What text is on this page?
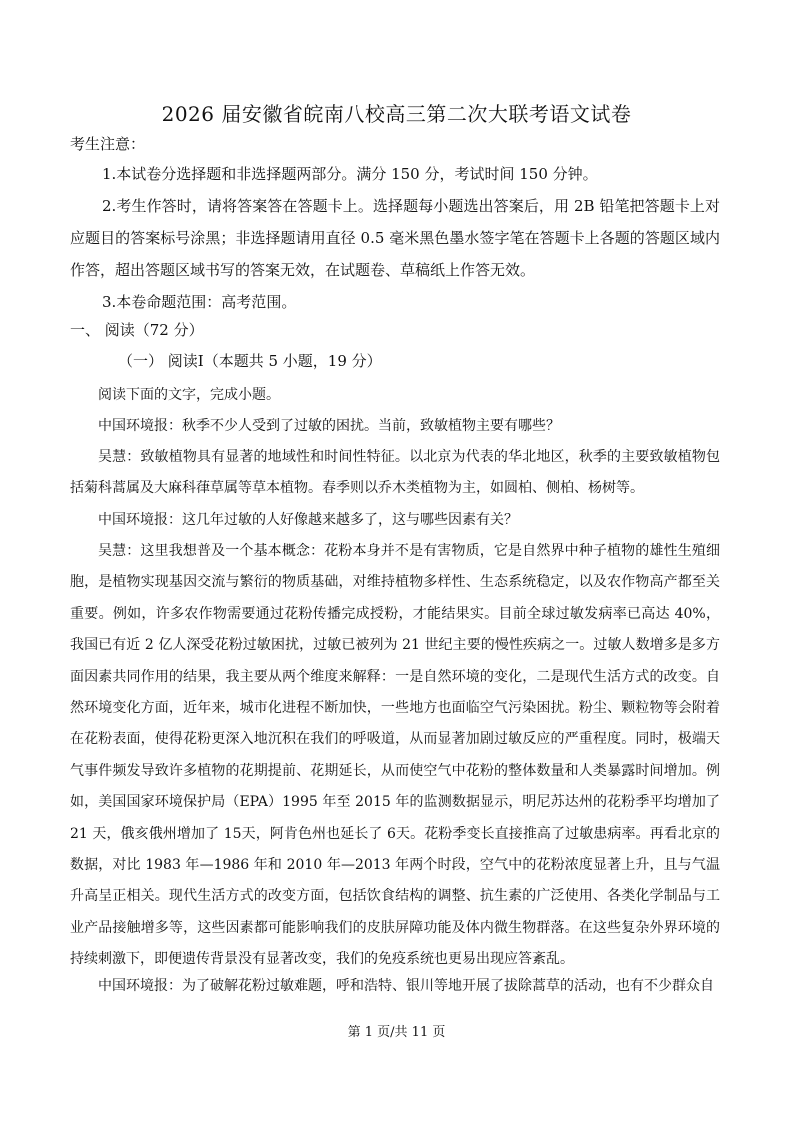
2026 届安徽省皖南八校高三第二次大联考语文试卷
考生注意：

1.本试卷分选择题和非选择题两部分。满分 150 分，考试时间 150 分钟。

2.考生作答时，请将答案答在答题卡上。选择题每小题选出答案后，用 2B 铅笔把答题卡上对应题目的答案标号涂黑；非选择题请用直径 0.5 毫米黑色墨水签字笔在答题卡上各题的答题区域内作答，超出答题区域书写的答案无效，在试题卷、草稿纸上作答无效。

3.本卷命题范围：高考范围。

一、 阅读（72 分）
（一） 阅读Ⅰ（本题共 5 小题，19 分）

阅读下面的文字，完成小题。

中国环境报：秋季不少人受到了过敏的困扰。当前，致敏植物主要有哪些？

吴慧：致敏植物具有显著的地域性和时间性特征。以北京为代表的华北地区，秋季的主要致敏植物包括菊科蒿属及大麻科葎草属等草本植物。春季则以乔木类植物为主，如圆柏、侧柏、杨树等。

中国环境报：这几年过敏的人好像越来越多了，这与哪些因素有关？

吴慧：这里我想普及一个基本概念：花粉本身并不是有害物质，它是自然界中种子植物的雄性生殖细胞，是植物实现基因交流与繁衍的物质基础，对维持植物多样性、生态系统稳定，以及农作物高产都至关重要。例如，许多农作物需要通过花粉传播完成授粉，才能结果实。目前全球过敏发病率已高达 40%，我国已有近 2 亿人深受花粉过敏困扰，过敏已被列为 21 世纪主要的慢性疾病之一。过敏人数增多是多方面因素共同作用的结果，我主要从两个维度来解释：一是自然环境的变化，二是现代生活方式的改变。自然环境变化方面，近年来，城市化进程不断加快，一些地方也面临空气污染困扰。粉尘、颗粒物等会附着在花粉表面，使得花粉更深入地沉积在我们的呼吸道，从而显著加剧过敏反应的严重程度。同时，极端天气事件频发导致许多植物的花期提前、花期延长，从而使空气中花粉的整体数量和人类暴露时间增加。例如，美国国家环境保护局（EPA）1995 年至 2015 年的监测数据显示，明尼苏达州的花粉季平均增加了 21 天，俄亥俄州增加了 15天，阿肯色州也延长了 6天。花粉季变长直接推高了过敏患病率。再看北京的数据，对比 1983 年—1986 年和 2010 年—2013 年两个时段，空气中的花粉浓度显著上升，且与气温升高呈正相关。现代生活方式的改变方面，包括饮食结构的调整、抗生素的广泛使用、各类化学制品与工业产品接触增多等，这些因素都可能影响我们的皮肤屏障功能及体内微生物群落。在这些复杂外界环境的持续刺激下，即便遗传背景没有显著改变，我们的免疫系统也更易出现应答紊乱。

中国环境报：为了破解花粉过敏难题，呼和浩特、银川等地开展了拔除蒿草的活动，也有不少群众自

第 1 页/共 11 页
